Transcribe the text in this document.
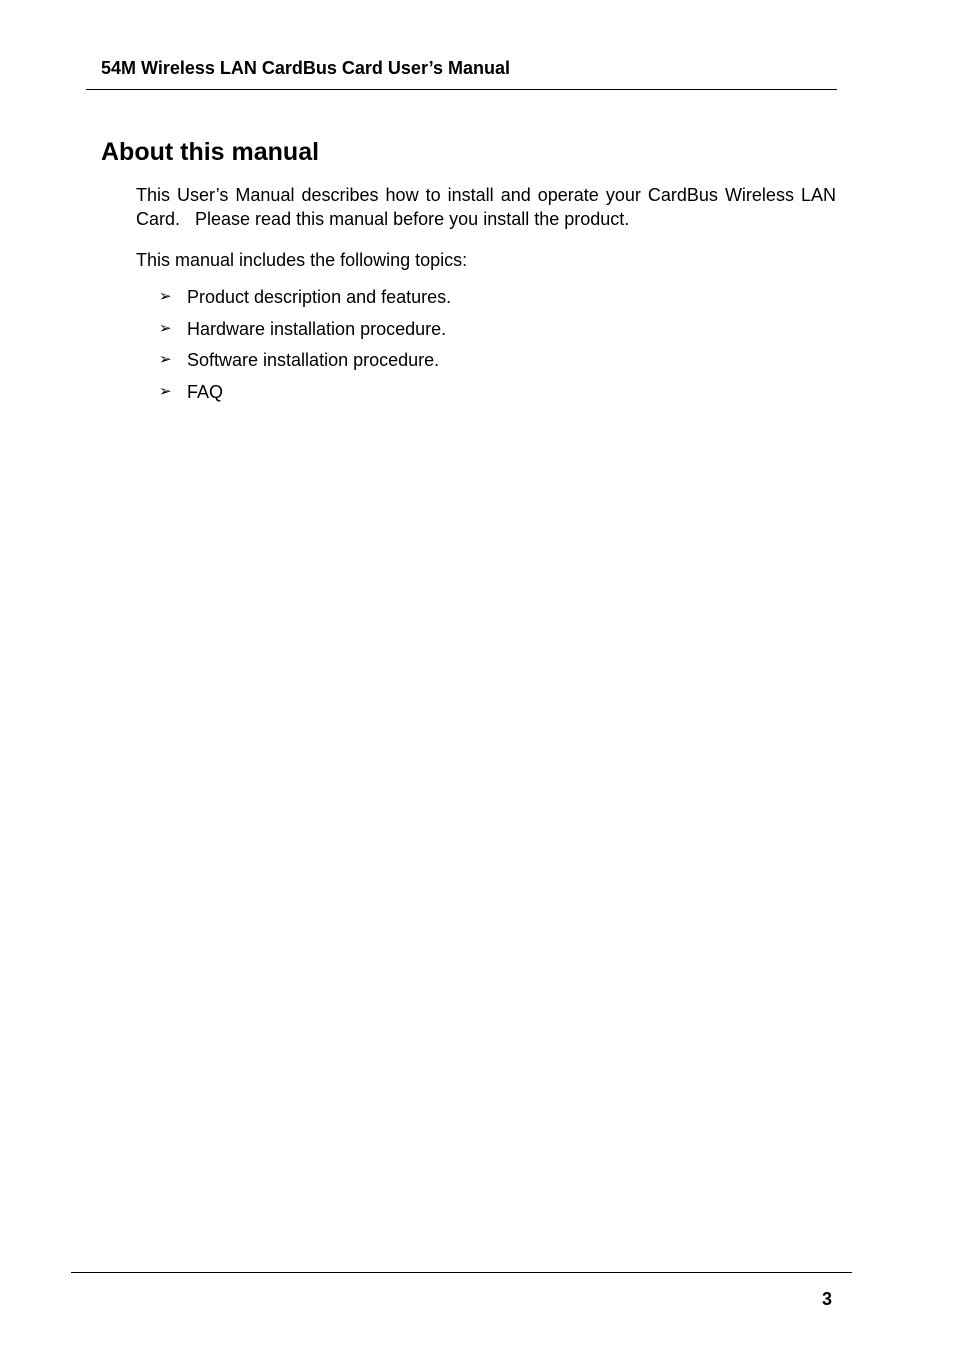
54M Wireless LAN CardBus Card User’s Manual
About this manual

This User’s Manual describes how to install and operate your CardBus Wireless LAN Card.   Please read this manual before you install the product.

This manual includes the following topics:

➢ Product description and features.
➢ Hardware installation procedure.
➢ Software installation procedure.
➢ FAQ
3
